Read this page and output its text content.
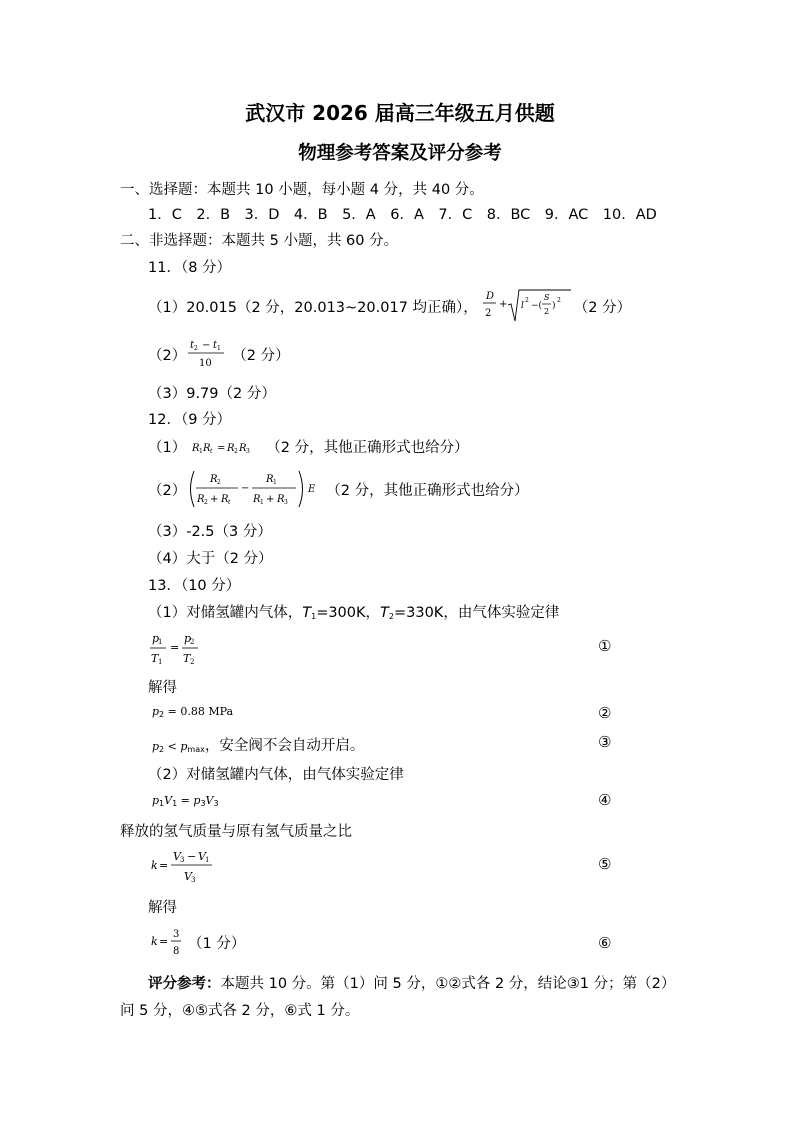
武汉市 2026 届高三年级五月供题
物理参考答案及评分参考
一、选择题：本题共 10 小题，每小题 4 分，共 40 分。
1．C　2．B　3．D　4．B　5．A　6．A　7．C　8．BC　9．AC　10．AD
二、非选择题：本题共 5 小题，共 60 分。
11．（8 分）
（1）20.015（2 分，20.013~20.017 均正确），
D
2
+ l
2
−(
S
2
)
2 （2 分）
（2）
t 2 − t 1
10 （2 分）
（3）9.79（2 分）
12．（9 分）
（1） R 1 R t = R 2 R 3 （2 分，其他正确形式也给分）
（2）
R 2
R 2 + R t
−
R 1
R 1 + R 3
E （2 分，其他正确形式也给分）
（3）-2.5（3 分）
（4）大于（2 分）
13．（10 分）
（1）对储氢罐内气体，$T_1=300K$，$T_2=330K$，由气体实验定律
p
1
T 1
=
p
2
T 2
①
解得
$p_2 = 0.88$ MPa	②
$p_2 < p_{max}$，安全阀不会自动开启。	③
（2）对储氢罐内气体，由气体实验定律
$p_1V_1 = p_3V_3$	④
释放的氢气质量与原有氢气质量之比
k =
V 3 − V 1
V 3
⑤
解得
k =
3
8 （1 分）	⑥
评分参考：本题共 10 分。第（1）问 5 分，①②式各 2 分，结论③1 分；第（2）
问 5 分，④⑤式各 2 分，⑥式 1 分。
